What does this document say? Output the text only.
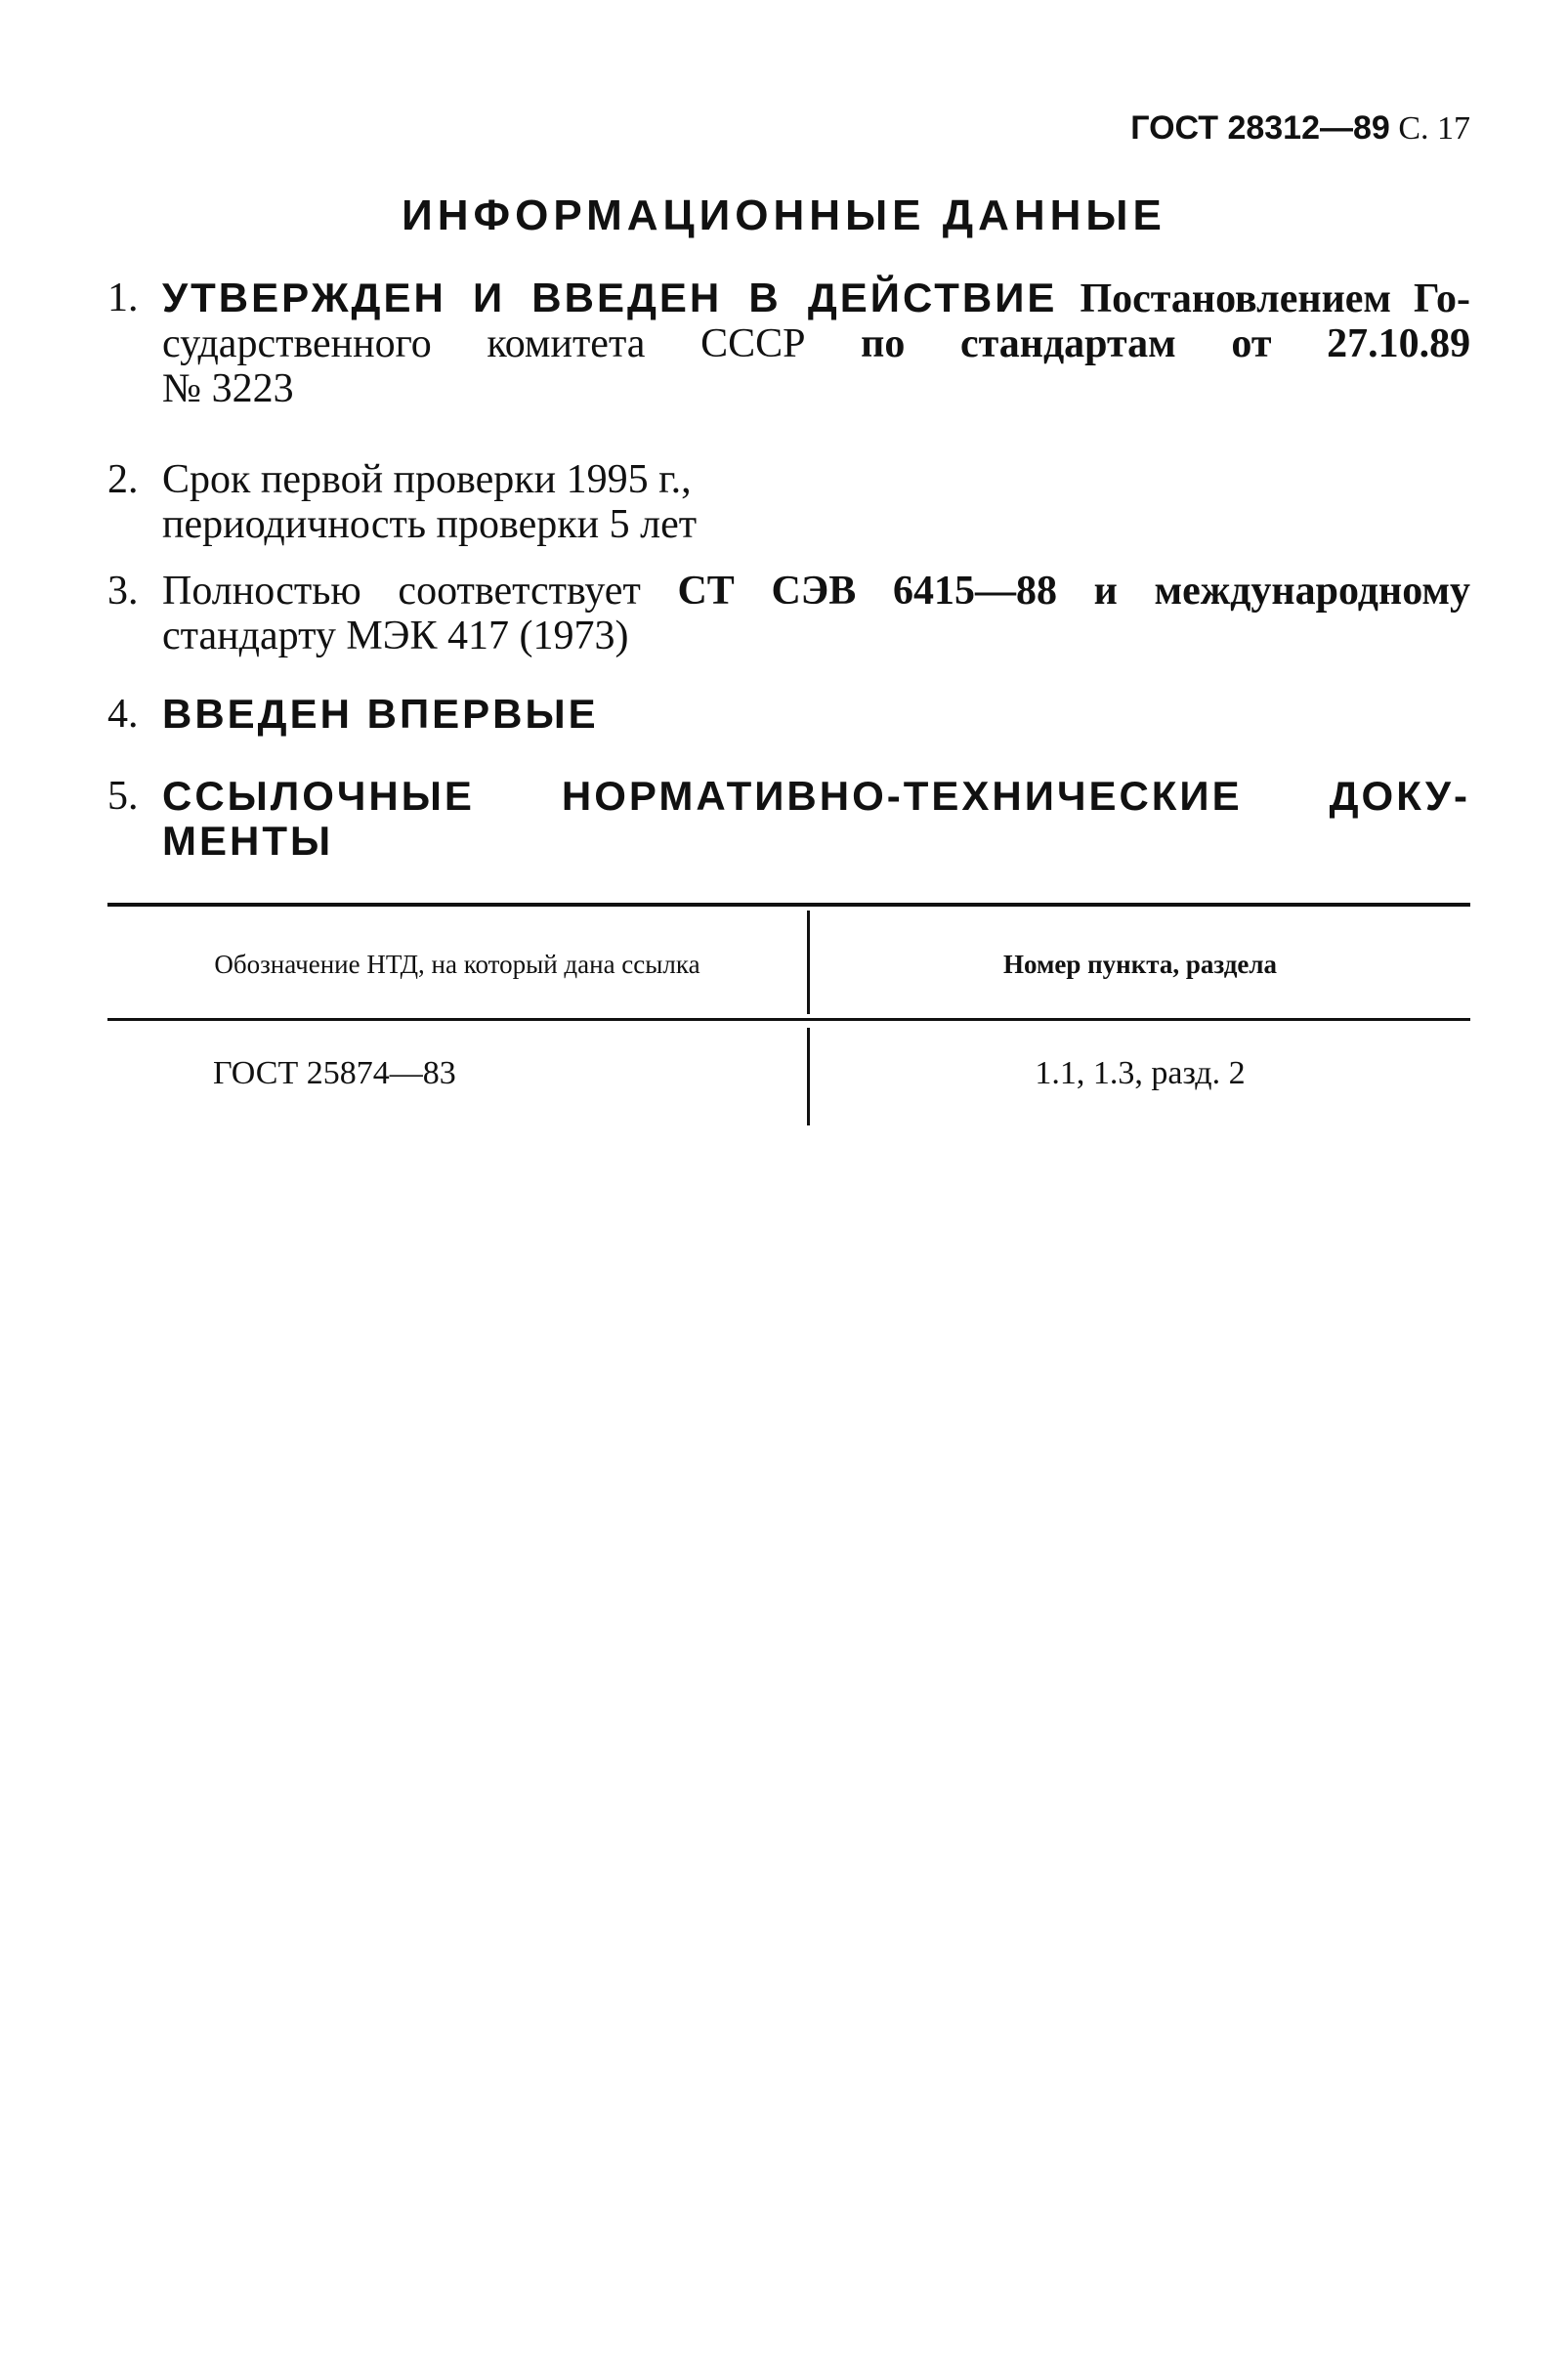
ГОСТ 28312—89 С. 17
ИНФОРМАЦИОННЫЕ ДАННЫЕ
1. УТВЕРЖДЕН И ВВЕДЕН В ДЕЙСТВИЕ Постановлением Го-
сударственного комитета СССР по стандартам от 27.10.89
№ 3223
2. Срок первой проверки 1995 г.,
периодичность проверки 5 лет
3. Полностью соответствует СТ СЭВ 6415—88 и международному
стандарту МЭК 417 (1973)
4. ВВЕДЕН ВПЕРВЫЕ
5. ССЫЛОЧНЫЕ НОРМАТИВНО-ТЕХНИЧЕСКИЕ ДОКУ-
МЕНТЫ
Обозначение НТД, на который дана ссылка	Номер пункта, раздела
ГОСТ 25874—83	1.1, 1.3, разд. 2
